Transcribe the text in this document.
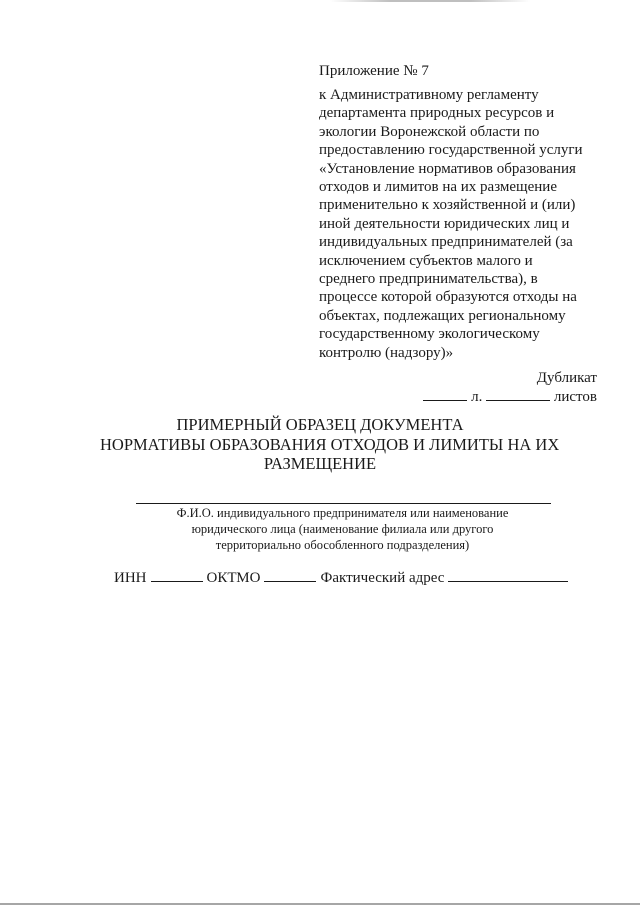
Приложение № 7
к Административному регламенту
департамента природных ресурсов и
экологии Воронежской области по
предоставлению государственной услуги
«Установление нормативов образования
отходов и лимитов на их размещение
применительно к хозяйственной и (или)
иной деятельности юридических лиц и
индивидуальных предпринимателей (за
исключением субъектов малого и
среднего предпринимательства), в
процессе которой образуются отходы на
объектах, подлежащих региональному
государственному экологическому
контролю (надзору)»
Дубликат
л.	листов
ПРИМЕРНЫЙ ОБРАЗЕЦ ДОКУМЕНТА
НОРМАТИВЫ ОБРАЗОВАНИЯ ОТХОДОВ И ЛИМИТЫ НА ИХ
РАЗМЕЩЕНИЕ
Ф.И.О. индивидуального предпринимателя или наименование
юридического лица (наименование филиала или другого
территориально обособленного подразделения)
ИНН	ОКТМО	Фактический адрес
